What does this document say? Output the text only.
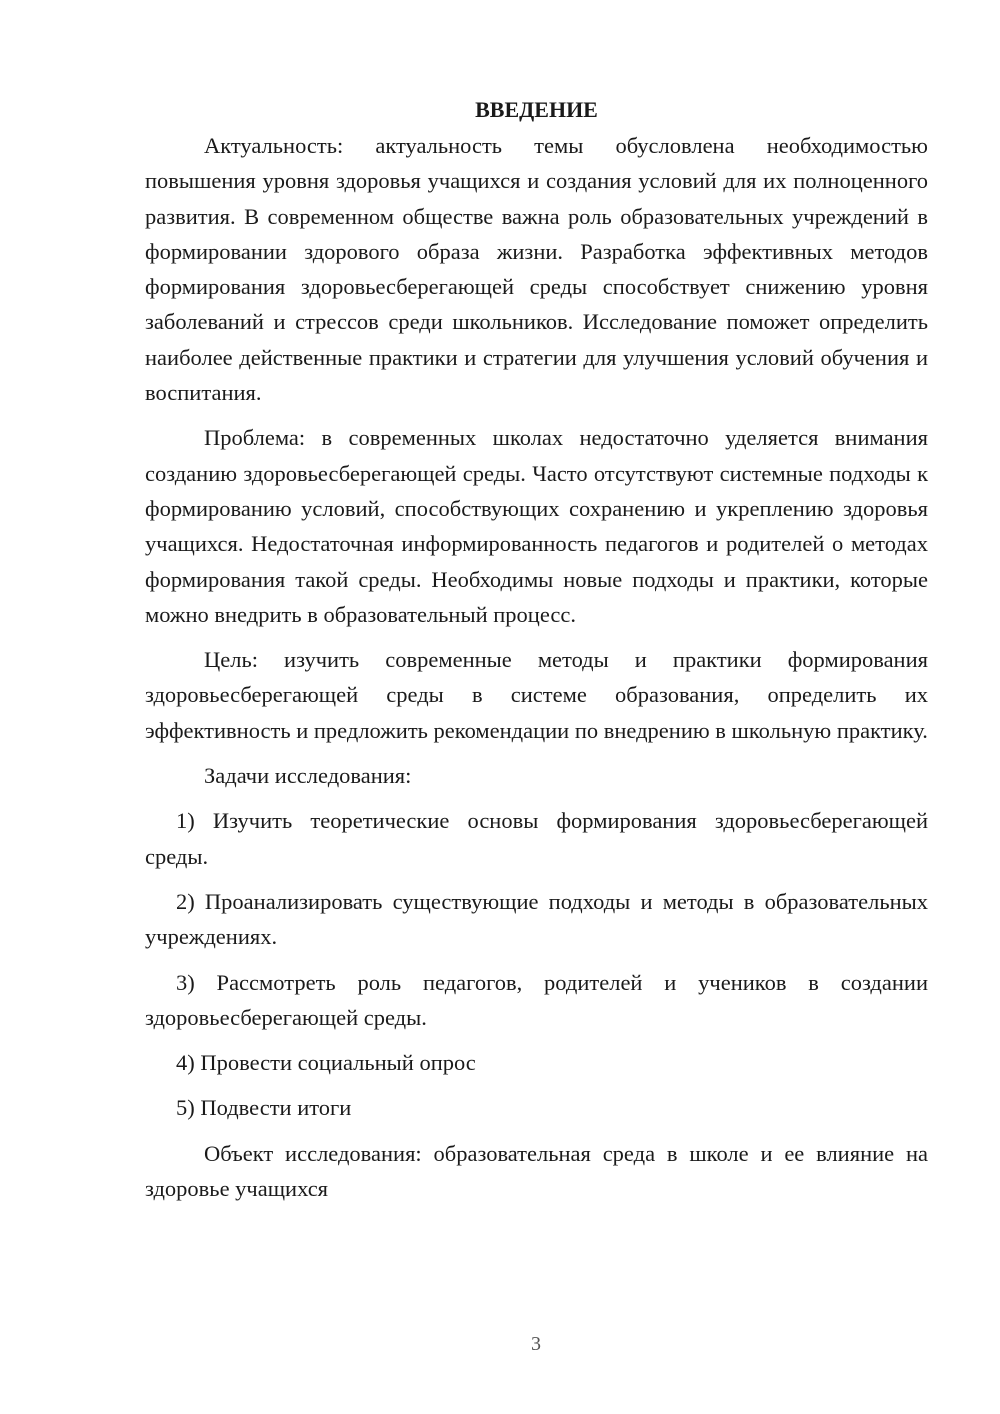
ВВЕДЕНИЕ

Актуальность: актуальность темы обусловлена необходимостью повышения уровня здоровья учащихся и создания условий для их полноценного развития. В современном обществе важна роль образовательных учреждений в формировании здорового образа жизни. Разработка эффективных методов формирования здоровьесберегающей среды способствует снижению уровня заболеваний и стрессов среди школьников. Исследование поможет определить наиболее действенные практики и стратегии для улучшения условий обучения и воспитания.

Проблема: в современных школах недостаточно уделяется внимания созданию здоровьесберегающей среды. Часто отсутствуют системные подходы к формированию условий, способствующих сохранению и укреплению здоровья учащихся. Недостаточная информированность педагогов и родителей о методах формирования такой среды. Необходимы новые подходы и практики, которые можно внедрить в образовательный процесс.

Цель: изучить современные методы и практики формирования здоровьесберегающей среды в системе образования, определить их эффективность и предложить рекомендации по внедрению в школьную практику.

Задачи исследования:

1) Изучить теоретические основы формирования здоровьесберегающей среды.

2) Проанализировать существующие подходы и методы в образовательных учреждениях.

3) Рассмотреть роль педагогов, родителей и учеников в создании здоровьесберегающей среды.

4) Провести социальный опрос

5) Подвести итоги

Объект исследования: образовательная среда в школе и ее влияние на здоровье учащихся

3
